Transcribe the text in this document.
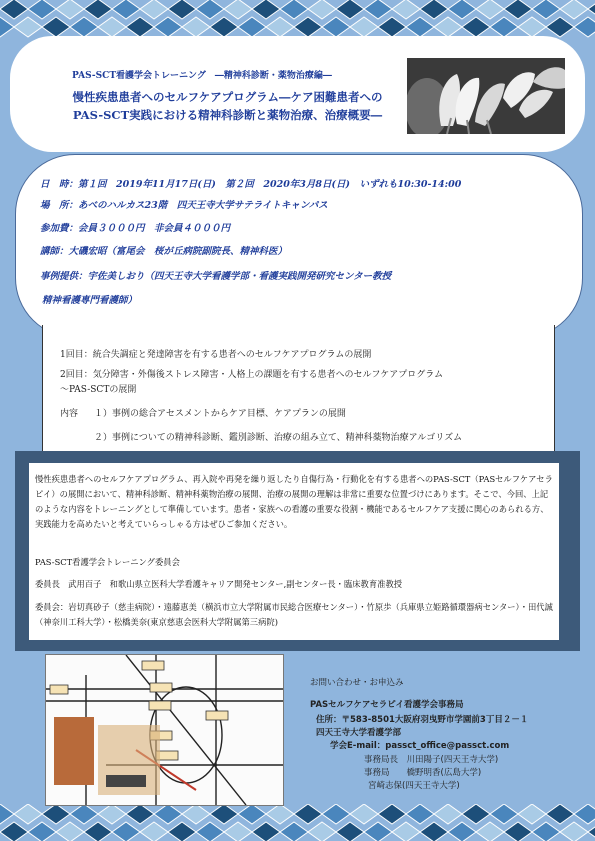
PAS-SCT看護学会トレーニング　―精神科診断・薬物治療編―
慢性疾患患者へのセルフケアプログラム―ケア困難患者への
PAS-SCT実践における精神科診断と薬物治療、治療概要―
日　時：第１回　2019年11月17日(日)　第２回　2020年3月8日(日)　いずれも10:30-14:00
場　所：あべのハルカス23階　四天王寺大学サテライトキャンパス
参加費：会員３０００円　非会員４０００円
講師：大磯宏昭（富尾会　桜が丘病院副院長、精神科医）
事例提供：宇佐美しおり（四天王寺大学看護学部・看護実践開発研究センター教授
精神看護専門看護師）
1回目：統合失調症と発達障害を有する患者へのセルフケアプログラムの展開
2回目：気分障害・外傷後ストレス障害・人格上の課題を有する患者へのセルフケアプログラム
～PAS-SCTの展開
内容 １）事例の総合アセスメントからケア目標、ケアプランの展開
２）事例についての精神科診断、鑑別診断、治療の組み立て、精神科薬物治療アルゴリズム
慢性疾患患者へのセルフケアプログラム、再入院や再発を繰り返したり自傷行為・行動化を有する患者へのPAS-SCT（PASセルフケアセラピイ）の展開において、精神科診断、精神科薬物治療の展開、治療の展開の理解は非常に重要な位置づけにあります。そこで、今回、上記のような内容をトレーニングとして準備しています。患者・家族への看護の重要な役割・機能であるセルフケア支援に関心のあられる方、実践能力を高めたいと考えていらっしゃる方はぜひご参加ください。
PAS-SCT看護学会トレーニング委員会
委員長　武用百子　和歌山県立医科大学看護キャリア開発センター,副センター長・臨床教育准教授
委員会：岩切真砂子（慈圭病院）・遠藤恵美（横浜市立大学附属市民総合医療センター）・竹原歩（兵庫県立姫路循環器病センター）・田代誠（神奈川工科大学）・松橋美奈(東京慈恵会医科大学附属第三病院)
お問い合わせ・お申込み
PASセルフケアセラピイ看護学会事務局
住所：〒583-8501大阪府羽曳野市学園前3丁目２－１
四天王寺大学看護学部
学会E-mail：passct_office@passct.com
事務局長　川田陽子(四天王寺大学)
事務局　　橋野明香(広島大学)
宮崎志保(四天王寺大学)
